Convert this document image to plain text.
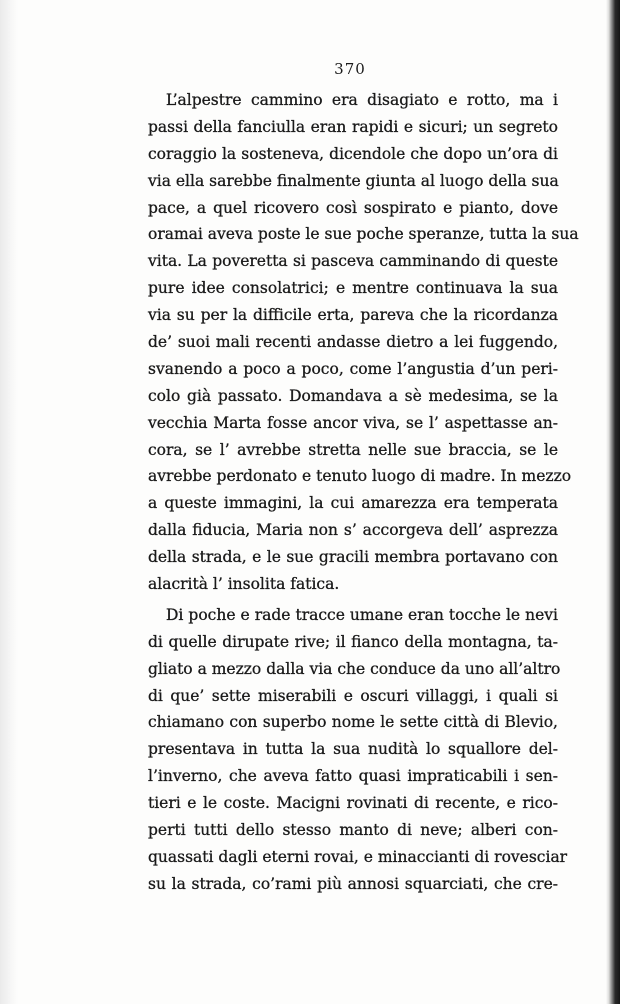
370
L’alpestre cammino era disagiato e rotto, ma i
passi della fanciulla eran rapidi e sicuri; un segreto
coraggio la sosteneva, dicendole che dopo un’ora di
via ella sarebbe finalmente giunta al luogo della sua
pace, a quel ricovero così sospirato e pianto, dove
oramai aveva poste le sue poche speranze, tutta la sua
vita. La poveretta si pasceva camminando di queste
pure idee consolatrici; e mentre continuava la sua
via su per la difficile erta, pareva che la ricordanza
de’ suoi mali recenti andasse dietro a lei fuggendo,
svanendo a poco a poco, come l’angustia d’un peri-
colo già passato. Domandava a sè medesima, se la
vecchia Marta fosse ancor viva, se l’ aspettasse an-
cora, se l’ avrebbe stretta nelle sue braccia, se le
avrebbe perdonato e tenuto luogo di madre. In mezzo
a queste immagini, la cui amarezza era temperata
dalla fiducia, Maria non s’ accorgeva dell’ asprezza
della strada, e le sue gracili membra portavano con
alacrità l’ insolita fatica.
Di poche e rade tracce umane eran tocche le nevi
di quelle dirupate rive; il fianco della montagna, ta-
gliato a mezzo dalla via che conduce da uno all’altro
di que’ sette miserabili e oscuri villaggi, i quali si
chiamano con superbo nome le sette città di Blevio,
presentava in tutta la sua nudità lo squallore del-
l’inverno, che aveva fatto quasi impraticabili i sen-
tieri e le coste. Macigni rovinati di recente, e rico-
perti tutti dello stesso manto di neve; alberi con-
quassati dagli eterni rovai, e minaccianti di rovesciar
su la strada, co’rami più annosi squarciati, che cre-
